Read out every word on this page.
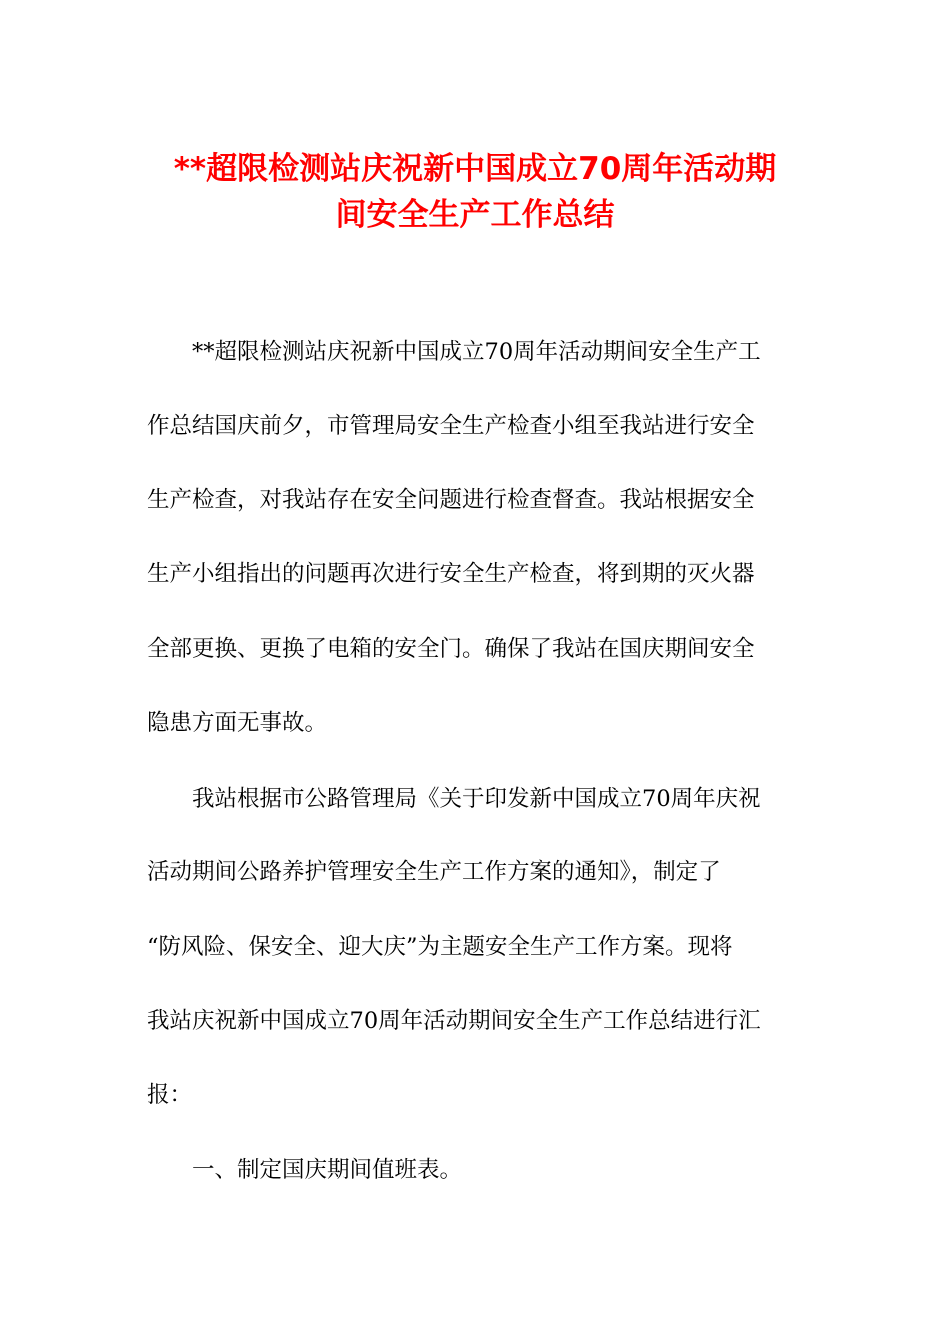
**超限检测站庆祝新中国成立70周年活动期
间安全生产工作总结

**超限检测站庆祝新中国成立70周年活动期间安全生产工

作总结国庆前夕，市管理局安全生产检查小组至我站进行安全

生产检查，对我站存在安全问题进行检查督查。我站根据安全

生产小组指出的问题再次进行安全生产检查，将到期的灭火器

全部更换、更换了电箱的安全门。确保了我站在国庆期间安全

隐患方面无事故。

我站根据市公路管理局《关于印发新中国成立70周年庆祝

活动期间公路养护管理安全生产工作方案的通知》，制定了

“防风险、保安全、迎大庆”为主题安全生产工作方案。现将

我站庆祝新中国成立70周年活动期间安全生产工作总结进行汇

报：

一、制定国庆期间值班表。
